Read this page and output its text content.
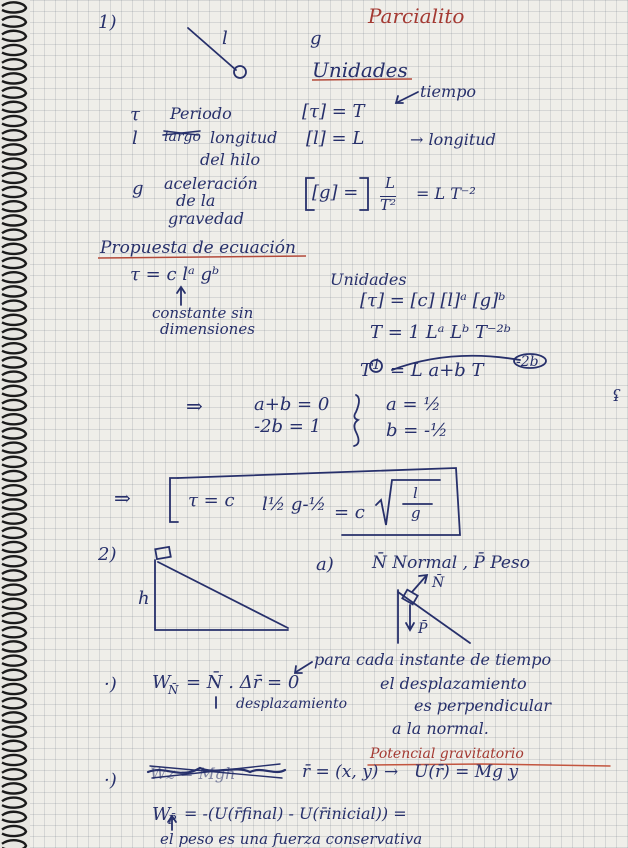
1)	Parcialito
l	g
Unidades
τ Periodo	[τ] = T
tiempo
l largo longitud
del hilo
[l] = L	→ longitud
g aceleración
de la
gravedad
[g] = L
T²
= L T⁻²
Propuesta de ecuación
τ = c lᵃ gᵇ
constante sin
dimensiones
Unidades
[τ] = [c] [l]ᵃ [g]ᵇ
T = 1 Lᵃ Lᵇ T⁻²ᵇ
T 1 = L a+b T -2b
⇒	a+b = 0
-2b = 1
a = ½
b = -½
⇒	τ = c l½ g-½ = c
l
g
2)
h
a) N̄ Normal , P̄ Peso
N̄
P̄
·) W
N̄ = N̄ . Δr̄ = 0
desplazamiento
para cada instante de tiempo
el desplazamiento
es perpendicular
a la normal.
·) Wz = Mgh	r̄ = (x, y) → U(r̄) = Mg y
Potencial gravitatorio
W
P̄ = -(U(r̄final) - U(r̄inicial)) =
el peso es una fuerza conservativa
ʢ
